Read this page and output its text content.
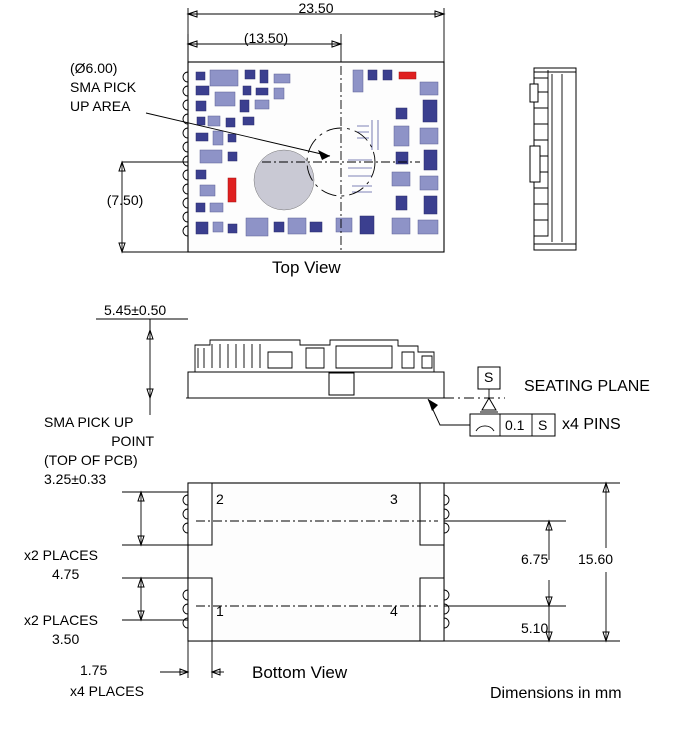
23.50
(13.50)
(Ø6.00)
SMA PICK
UP AREA
(7.50)
Top View
5.45±0.50
S
SEATING PLANE
0.1 S x4 PINS
SMA PICK UP
POINT
(TOP OF PCB)
3.25±0.33
2	3
1	4
x2 PLACES
4.75
x2 PLACES
3.50
1.75
x4 PLACES
Bottom View
6.75
5.10
15.60
Dimensions in mm
